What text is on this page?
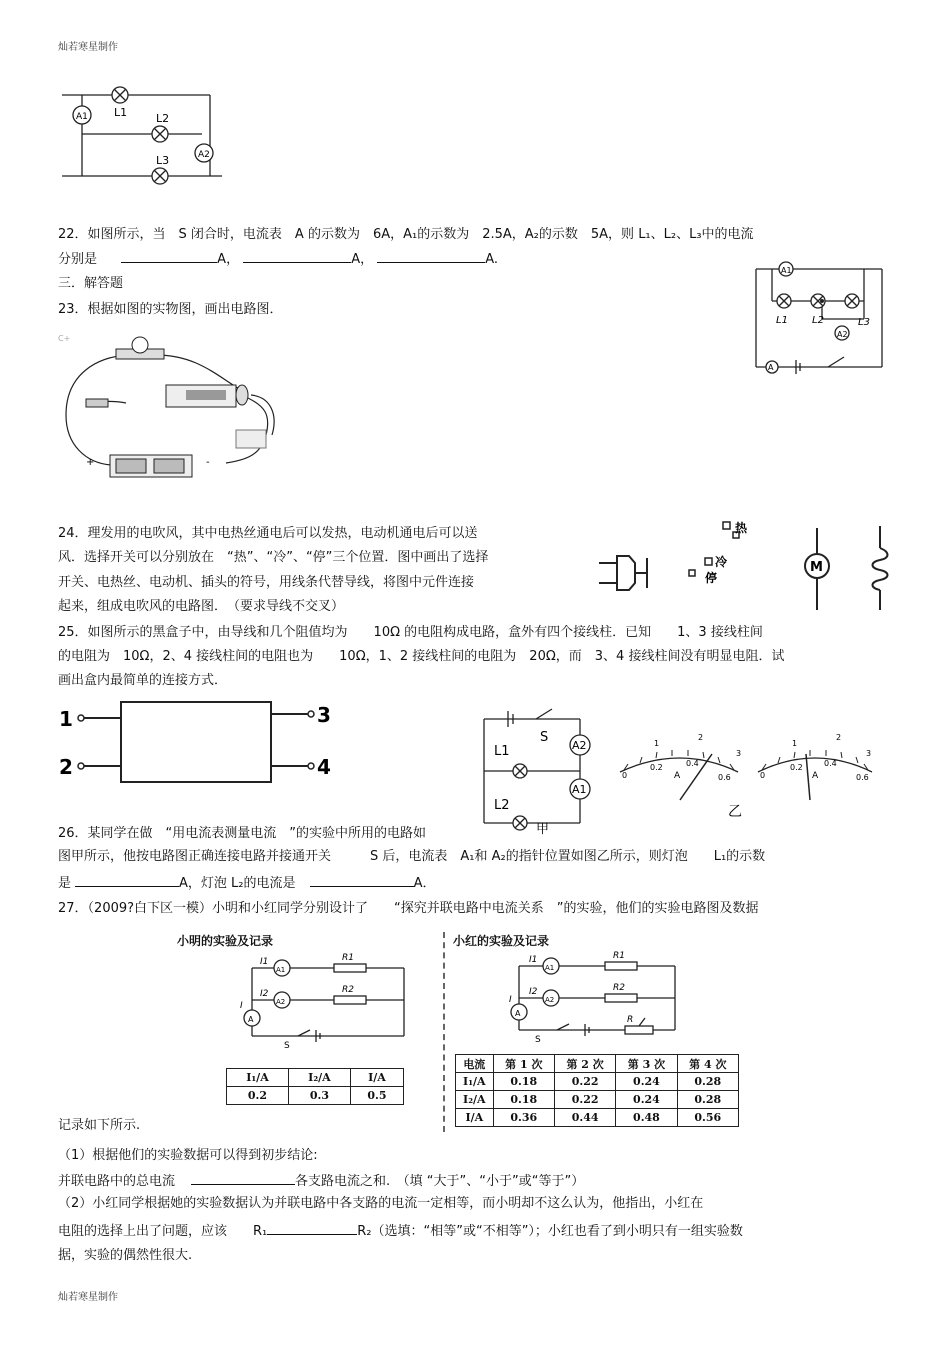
灿若寒星制作
灿若寒星制作
A1
A2
L1	L2
L3
22．如图所示，当　S 闭合时，电流表　A 的示数为　6A，A₁的示数为　2.5A，A₂的示数　5A，则 L₁、L₂、L₃中的电流
分别是	A，	A，	A.
A1
A2
A
L1 L2	L3
三．解答题
23．根据如图的实物图，画出电路图．
C+
+	-
24．理发用的电吹风，其中电热丝通电后可以发热，电动机通电后可以送
风．选择开关可以分别放在　“热”、“冷”、“停”三个位置．图中画出了选择
开关、电热丝、电动机、插头的符号，用线条代替导线，将图中元件连接
起来，组成电吹风的电路图．　（要求导线不交叉）
热
冷
停
M
25．如图所示的黑盒子中，由导线和几个阻值均为　　10Ω 的电阻构成电路，盒外有四个接线柱．已知　　1、3 接线柱间
的电阻为　10Ω，2、4 接线柱间的电阻也为　　10Ω，1、2 接线柱间的电阻为　20Ω，而　3、4 接线柱间没有明显电阻．试
画出盒内最简单的连接方式．
1
2
3
4
S
A2
A1
L1
L2
甲
0
0.2	0.4
0.6
1
2
3
A	0
0.2	0.4
0.6
1
2
3
A
乙
26．某同学在做　“用电流表测量电流　”的实验中所用的电路如
图甲所示，他按电路图正确连接电路并接通开关　　　S 后，电流表　A₁和 A₂的指针位置如图乙所示，则灯泡　　L₁的示数
是	A，灯泡 L₂的电流是	A．
27．（2009?白下区一模）小明和小红同学分别设计了　　“探究并联电路中电流关系　”的实验，他们的实验电路图及数据
小明的实验及记录
I1
I2
I
A1
A2
A
R1
R2
S
I₁/A	I₂/A	I/A
0.2	0.3	0.5
小红的实验及记录
I1
I2
I
A1
A2
A
R1
R2
R
S
电流	第 1 次	第 2 次	第 3 次	第 4 次
I₁/A	0.18	0.22	0.24	0.28
I₂/A	0.18	0.22	0.24	0.28
I/A	0.36	0.44	0.48	0.56
记录如下所示.
（1）根据他们的实验数据可以得到初步结论:
并联电路中的总电流	各支路电流之和.　（填 “大于”、“小于”或“等于”）
（2）小红同学根据她的实验数据认为并联电路中各支路的电流一定相等，而小明却不这么认为，他指出，小红在
电阻的选择上出了问题，应该　　R₁	R₂（选填：“相等”或“不相等”）；小红也看了到小明只有一组实验数
据，实验的偶然性很大.
